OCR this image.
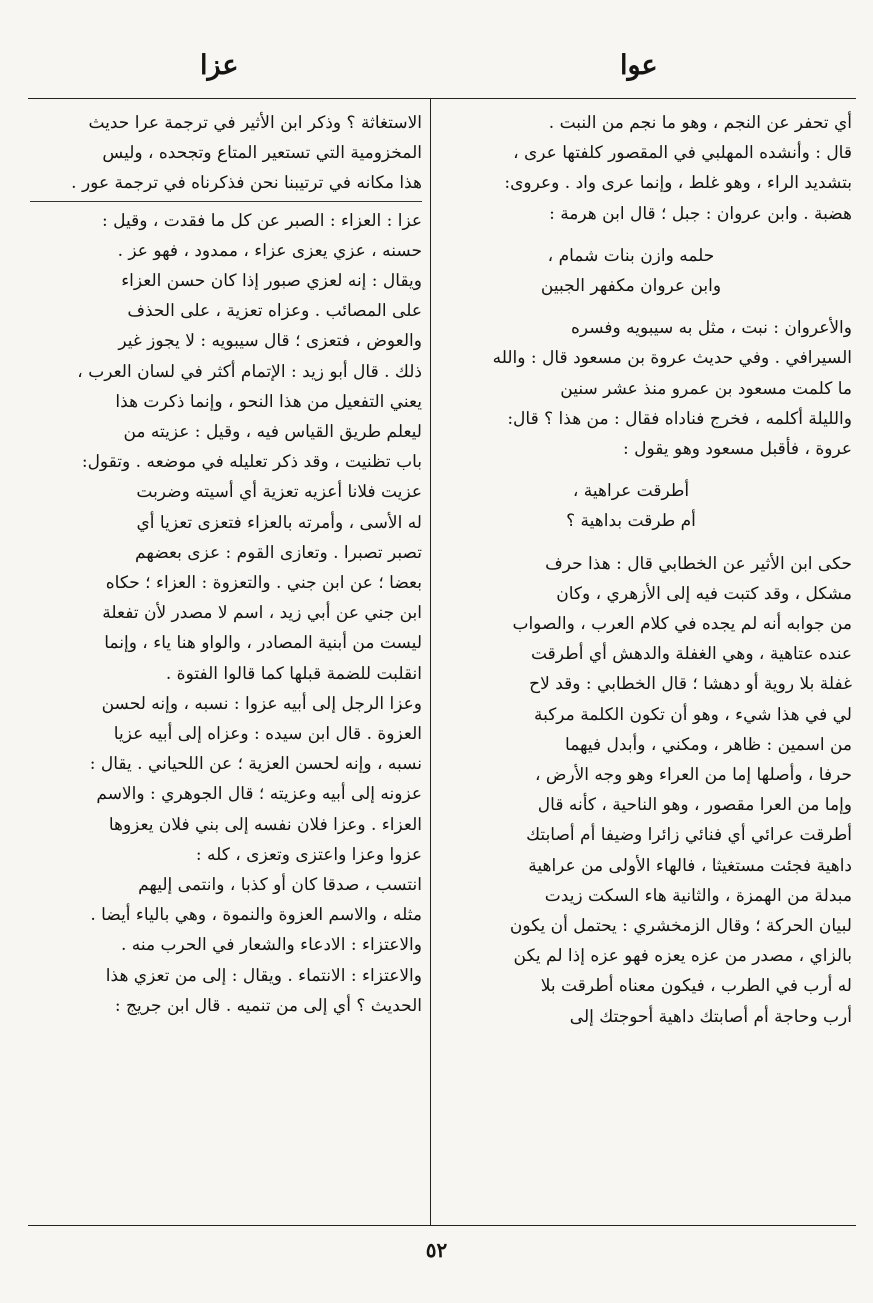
عزا	عوا
أي تحفر عن النجم ، وهو ما نجم من النبت .
قال : وأنشده المهلبي في المقصور كلفتها عرى ،
بتشديد الراء ، وهو غلط ، وإنما عرى واد . وعروى:
هضبة . وابن عروان : جبل ؛ قال ابن هرمة :
حلمه وازن بنات شمام ،
وابن عروان مكفهر الجبين
والأعروان : نبت ، مثل به سيبويه وفسره
السيرافي . وفي حديث عروة بن مسعود قال : والله
ما كلمت مسعود بن عمرو منذ عشر سنين
والليلة أكلمه ، فخرج فناداه فقال : من هذا ؟ قال:
عروة ، فأقبل مسعود وهو يقول :
أطرقت عراهية ،
أم طرقت بداهية ؟
حكى ابن الأثير عن الخطابي قال : هذا حرف
مشكل ، وقد كتبت فيه إلى الأزهري ، وكان
من جوابه أنه لم يجده في كلام العرب ، والصواب
عنده عتاهية ، وهي الغفلة والدهش أي أطرقت
غفلة بلا روية أو دهشا ؛ قال الخطابي : وقد لاح
لي في هذا شيء ، وهو أن تكون الكلمة مركبة
من اسمين : ظاهر ، ومكني ، وأبدل فيهما
حرفا ، وأصلها إما من العراء وهو وجه الأرض ،
وإما من العرا مقصور ، وهو الناحية ، كأنه قال
أطرقت عرائي أي فنائي زائرا وضيفا أم أصابتك
داهية فجئت مستغيثا ، فالهاء الأولى من عراهية
مبدلة من الهمزة ، والثانية هاء السكت زيدت
لبيان الحركة ؛ وقال الزمخشري : يحتمل أن يكون
بالزاي ، مصدر من عزه يعزه فهو عزه إذا لم يكن
له أرب في الطرب ، فيكون معناه أطرقت بلا
أرب وحاجة أم أصابتك داهية أحوجتك إلى
الاستغاثة ؟ وذكر ابن الأثير في ترجمة عرا حديث
المخزومية التي تستعير المتاع وتجحده ، وليس
هذا مكانه في ترتيبنا نحن فذكرناه في ترجمة عور .
عزا : العزاء : الصبر عن كل ما فقدت ، وقيل :
حسنه ، عزي يعزى عزاء ، ممدود ، فهو عز .
ويقال : إنه لعزي صبور إذا كان حسن العزاء
على المصائب . وعزاه تعزية ، على الحذف
والعوض ، فتعزى ؛ قال سيبويه : لا يجوز غير
ذلك . قال أبو زيد : الإتمام أكثر في لسان العرب ،
يعني التفعيل من هذا النحو ، وإنما ذكرت هذا
ليعلم طريق القياس فيه ، وقيل : عزيته من
باب تظنيت ، وقد ذكر تعليله في موضعه . وتقول:
عزيت فلانا أعزيه تعزية أي أسيته وضربت
له الأسى ، وأمرته بالعزاء فتعزى تعزيا أي
تصبر تصبرا . وتعازى القوم : عزى بعضهم
بعضا ؛ عن ابن جني . والتعزوة : العزاء ؛ حكاه
ابن جني عن أبي زيد ، اسم لا مصدر لأن تفعلة
ليست من أبنية المصادر ، والواو هنا ياء ، وإنما
انقلبت للضمة قبلها كما قالوا الفتوة .
وعزا الرجل إلى أبيه عزوا : نسبه ، وإنه لحسن
العزوة . قال ابن سيده : وعزاه إلى أبيه عزيا
نسبه ، وإنه لحسن العزية ؛ عن اللحياني . يقال :
عزونه إلى أبيه وعزيته ؛ قال الجوهري : والاسم
العزاء . وعزا فلان نفسه إلى بني فلان يعزوها
عزوا وعزا واعتزى وتعزى ، كله :
انتسب ، صدقا كان أو كذبا ، وانتمى إليهم
مثله ، والاسم العزوة والنموة ، وهي بالياء أيضا .
والاعتزاء : الادعاء والشعار في الحرب منه .
والاعتزاء : الانتماء . ويقال : إلى من تعزي هذا
الحديث ؟ أي إلى من تنميه . قال ابن جريج :
٥٢
